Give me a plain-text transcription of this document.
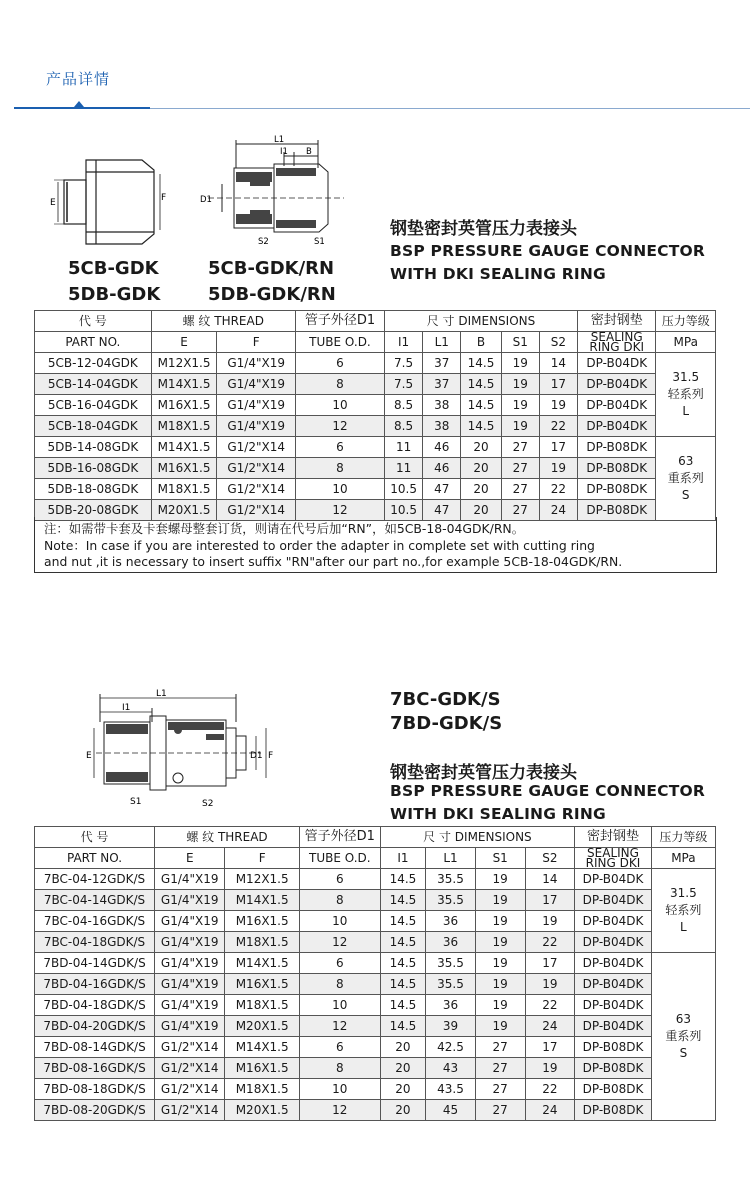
产品详情
E	F
L1
I1 B
D1
S2	S1
5CB-GDK
5DB-GDK
5CB-GDK/RN
5DB-GDK/RN
钢垫密封英管压力表接头
BSP PRESSURE GAUGE CONNECTOR
WITH DKI SEALING RING
代 号	螺 纹 THREAD		管子外径D1	尺 寸 DIMENSIONS					密封钢垫	压力等级
PART NO.	E	F	TUBE O.D.	I1	L1	B	S1	S2	SEALING RING DKI	MPa
5CB-12-04GDK	M12X1.5	G1/4"X19	6	7.5	37	14.5	19	14	DP-B04DK	31.5
轻系列
L

5CB-14-04GDK	M14X1.5	G1/4"X19	8	7.5	37	14.5	19	17	DP-B04DK	
5CB-16-04GDK	M16X1.5	G1/4"X19	10	8.5	38	14.5	19	19	DP-B04DK	
5CB-18-04GDK	M18X1.5	G1/4"X19	12	8.5	38	14.5	19	22	DP-B04DK	
5DB-14-08GDK	M14X1.5	G1/2"X14	6	11	46	20	27	17	DP-B08DK	63
重系列
S

5DB-16-08GDK	M16X1.5	G1/2"X14	8	11	46	20	27	19	DP-B08DK	
5DB-18-08GDK	M18X1.5	G1/2"X14	10	10.5	47	20	27	22	DP-B08DK	
5DB-20-08GDK	M20X1.5	G1/2"X14	12	10.5	47	20	27	24	DP-B08DK	
注：如需带卡套及卡套螺母整套订货，则请在代号后加“RN”，如5CB-18-04GDK/RN。
Note：In case if you are interested to order the adapter in complete set with cutting ring
and nut ,it is necessary to insert suffix "RN"after our part no.,for example 5CB-18-04GDK/RN.
L1
I1
E	D1 F
S1	S2
7BC-GDK/S
7BD-GDK/S
钢垫密封英管压力表接头
BSP PRESSURE GAUGE CONNECTOR
WITH DKI SEALING RING
代 号	螺 纹 THREAD		管子外径D1	尺 寸 DIMENSIONS				密封钢垫	压力等级
PART NO.	E	F	TUBE O.D.	I1	L1	S1	S2	SEALING RING DKI	MPa
7BC-04-12GDK/S	G1/4"X19	M12X1.5	6	14.5	35.5	19	14	DP-B04DK	31.5
轻系列
L

7BC-04-14GDK/S	G1/4"X19	M14X1.5	8	14.5	35.5	19	17	DP-B04DK	
7BC-04-16GDK/S	G1/4"X19	M16X1.5	10	14.5	36	19	19	DP-B04DK	
7BC-04-18GDK/S	G1/4"X19	M18X1.5	12	14.5	36	19	22	DP-B04DK	
7BD-04-14GDK/S	G1/4"X19	M14X1.5	6	14.5	35.5	19	17	DP-B04DK	63
重系列
S

7BD-04-16GDK/S	G1/4"X19	M16X1.5	8	14.5	35.5	19	19	DP-B04DK	
7BD-04-18GDK/S	G1/4"X19	M18X1.5	10	14.5	36	19	22	DP-B04DK	
7BD-04-20GDK/S	G1/4"X19	M20X1.5	12	14.5	39	19	24	DP-B04DK	
7BD-08-14GDK/S	G1/2"X14	M14X1.5	6	20	42.5	27	17	DP-B08DK	
7BD-08-16GDK/S	G1/2"X14	M16X1.5	8	20	43	27	19	DP-B08DK	
7BD-08-18GDK/S	G1/2"X14	M18X1.5	10	20	43.5	27	22	DP-B08DK	
7BD-08-20GDK/S	G1/2"X14	M20X1.5	12	20	45	27	24	DP-B08DK	
